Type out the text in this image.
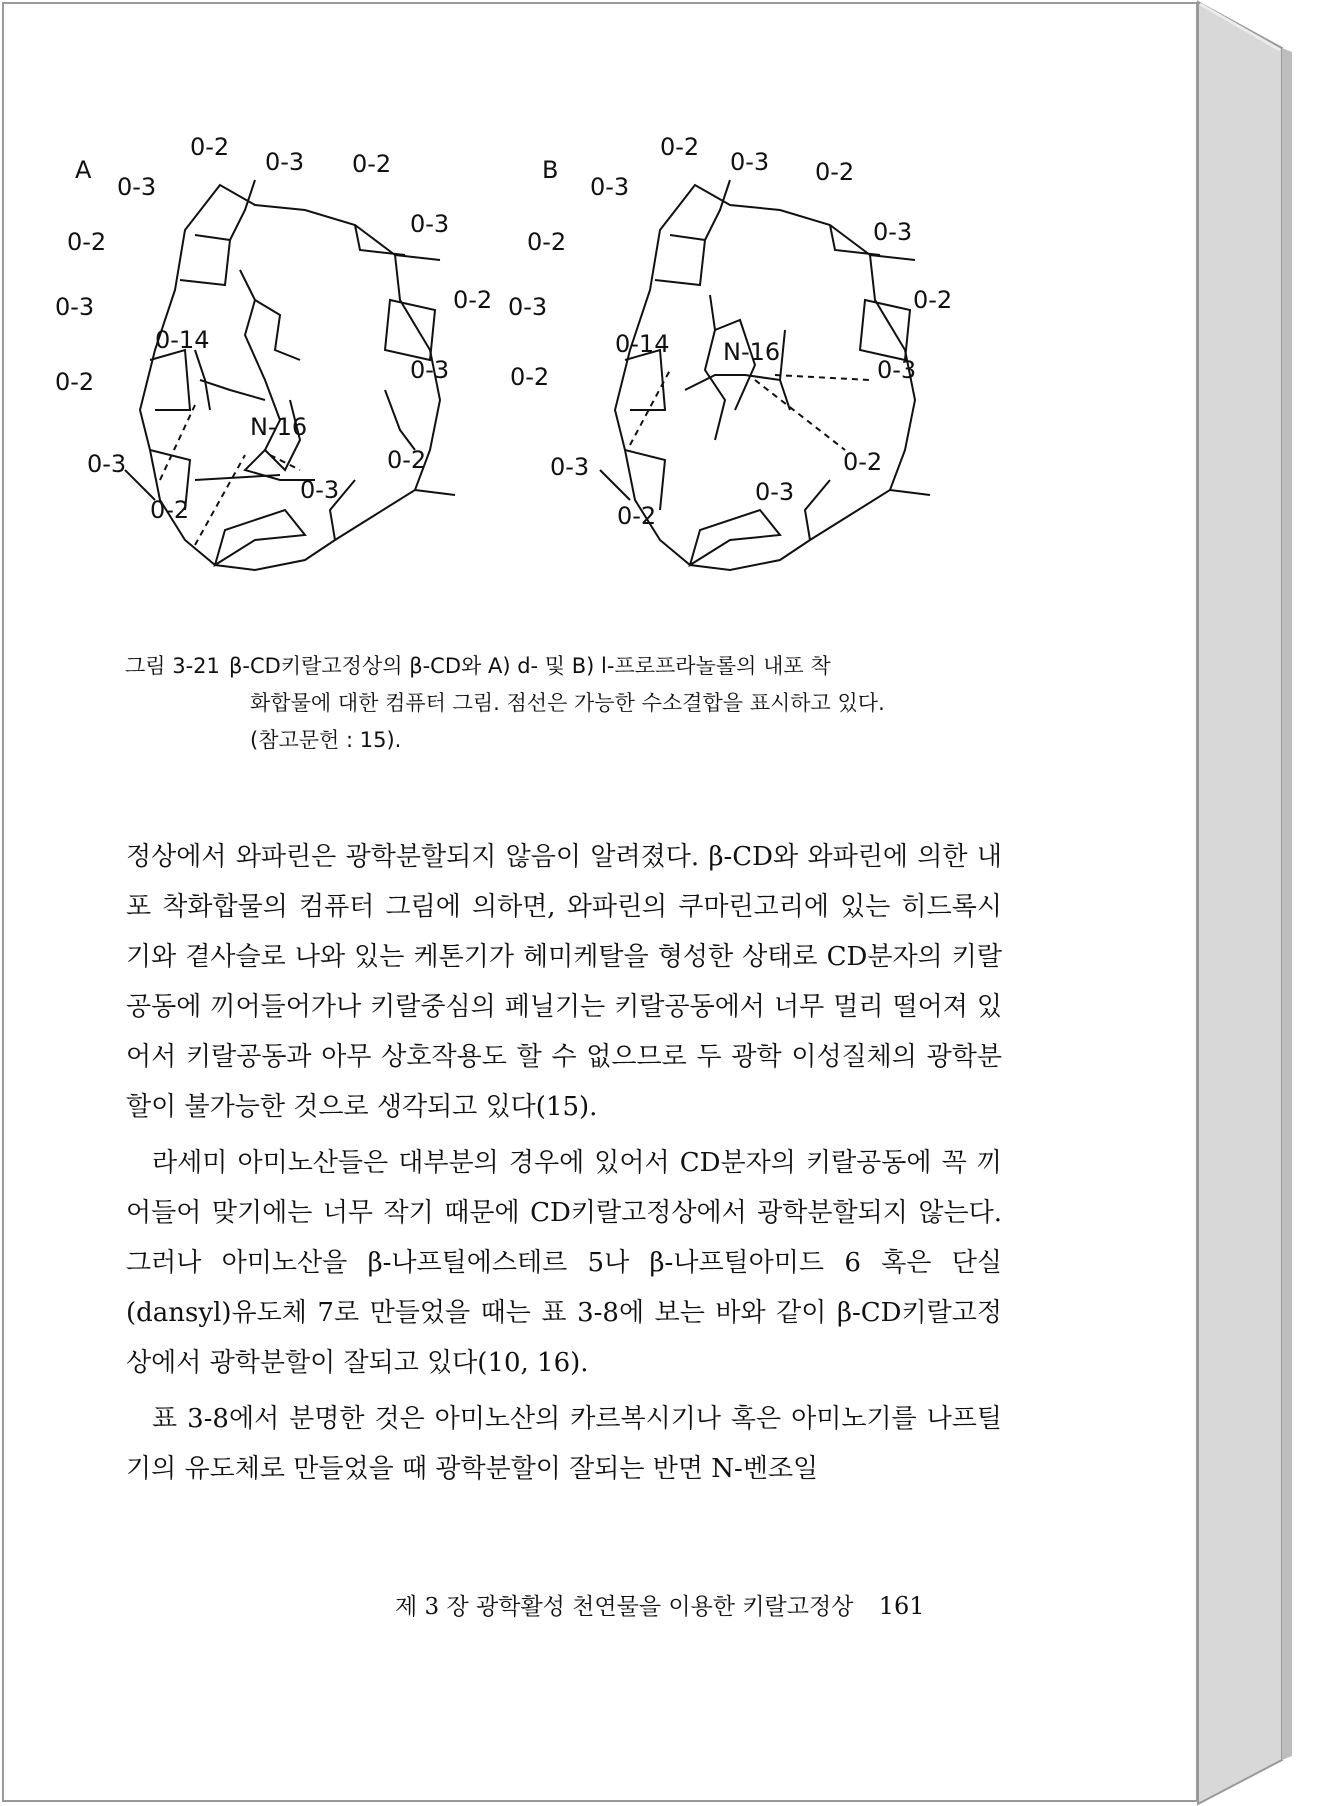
A
0-2
0-3
0-2
0-3 0-2
0-3
0-3	0-2
0-14
0-3
0-2
N-16
0-3	0-2
0-3
0-2
B
0-2
0-3
0-2
0-3 0-2
0-3
0-3	0-2
0-14 N-16
0-2	0-3
0-3	0-2
0-3
0-2
그림 3-21 β-CD키랄고정상의 β-CD와 A) d- 및 B) l-프로프라놀롤의 내포 착
화합물에 대한 컴퓨터 그림. 점선은 가능한 수소결합을 표시하고 있다.
(참고문헌 : 15).

정상에서 와파린은 광학분할되지 않음이 알려졌다. β-CD와 와파린에 의한 내포 착화합물의 컴퓨터 그림에 의하면, 와파린의 쿠마린고리에 있는 히드록시기와 곁사슬로 나와 있는 케톤기가 헤미케탈을 형성한 상태로 CD분자의 키랄공동에 끼어들어가나 키랄중심의 페닐기는 키랄공동에서 너무 멀리 떨어져 있어서 키랄공동과 아무 상호작용도 할 수 없으므로 두 광학 이성질체의 광학분할이 불가능한 것으로 생각되고 있다(15).

라세미 아미노산들은 대부분의 경우에 있어서 CD분자의 키랄공동에 꼭 끼어들어 맞기에는 너무 작기 때문에 CD키랄고정상에서 광학분할되지 않는다. 그러나 아미노산을 β-나프틸에스테르 5나 β-나프틸아미드 6 혹은 단실(dansyl)유도체 7로 만들었을 때는 표 3-8에 보는 바와 같이 β-CD키랄고정상에서 광학분할이 잘되고 있다(10, 16).

표 3-8에서 분명한 것은 아미노산의 카르복시기나 혹은 아미노기를 나프틸기의 유도체로 만들었을 때 광학분할이 잘되는 반면 N-벤조일

제 3 장 광학활성 천연물을 이용한 키랄고정상 161
